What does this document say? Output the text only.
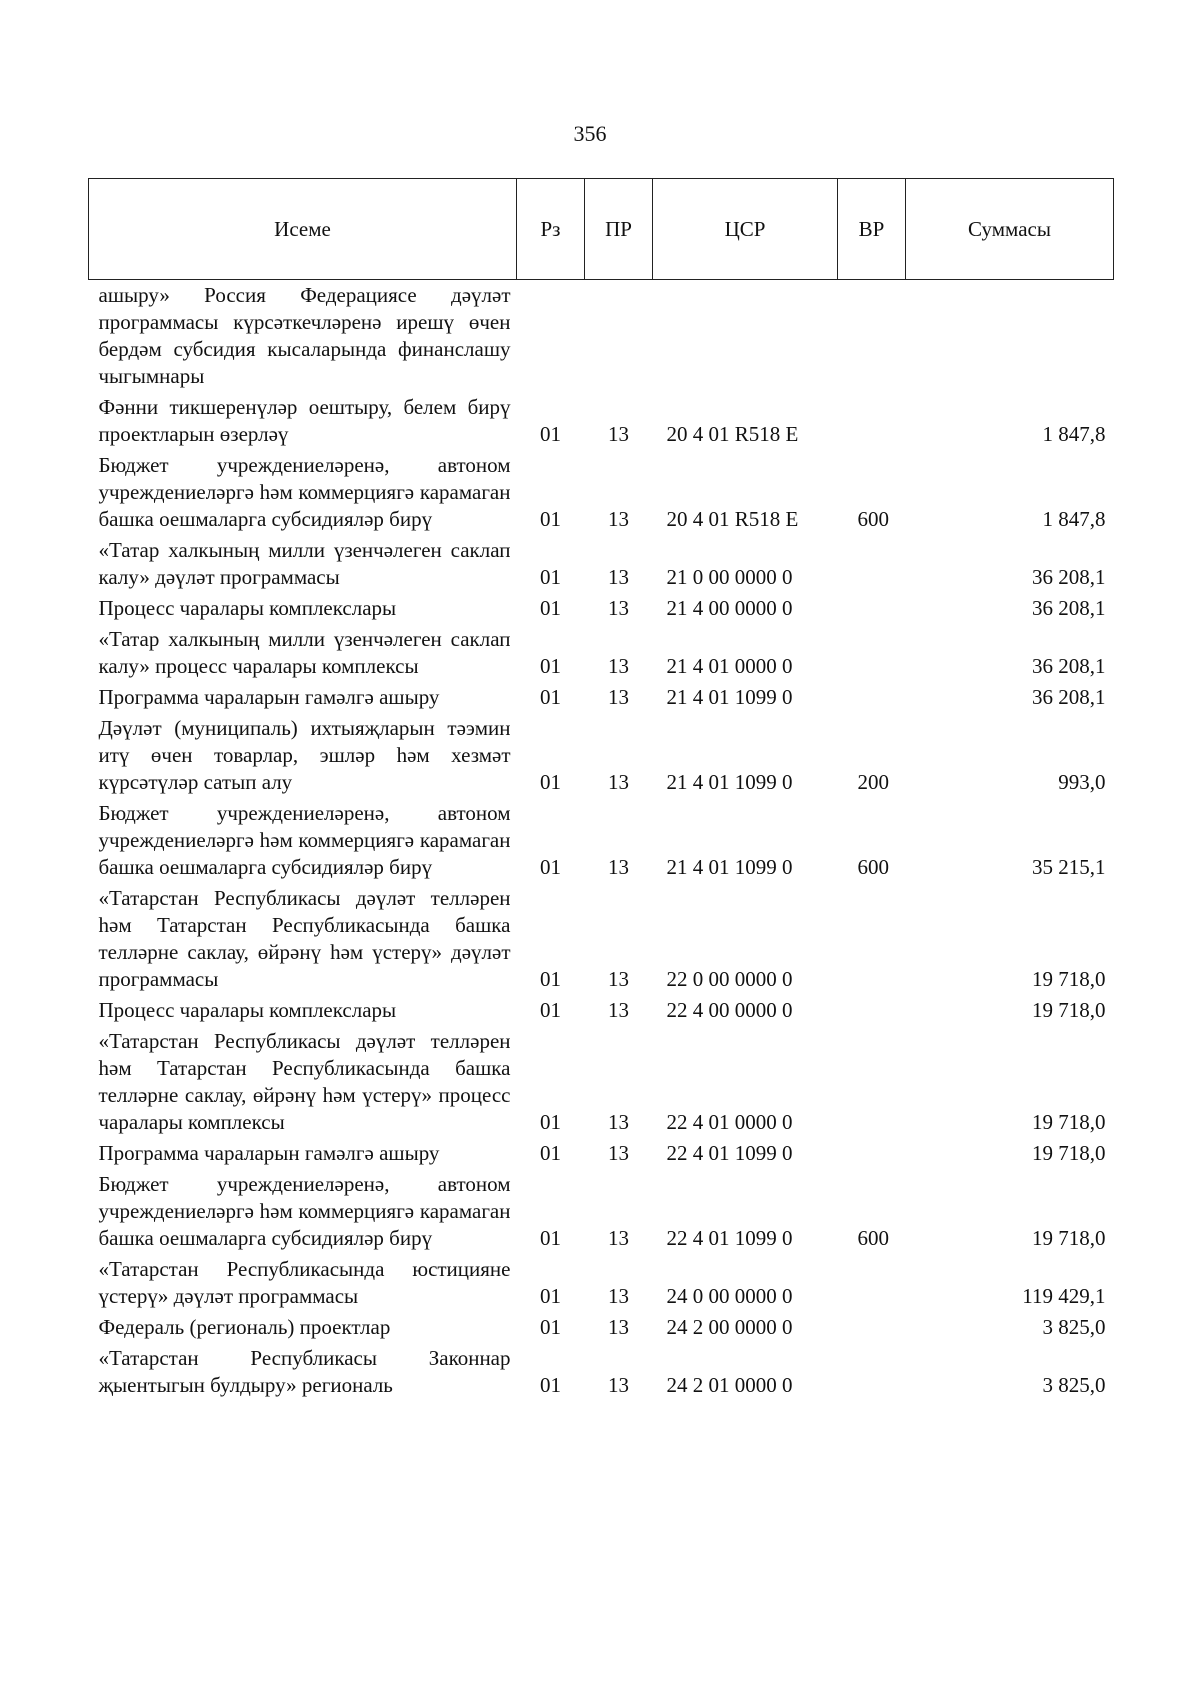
356
Исеме	Рз	ПР	ЦСР	ВР	Суммасы
ашыру» Россия Федерациясе дәүләт программасы күрсәткечләренә ирешү өчен бердәм субсидия кысаларында финанслашу чыгымнары					
Фәнни тикшеренүләр оештыру, белем бирү проектларын өзерләү	01	13	20 4 01 R518 E		1 847,8
Бюджет учреждениеләренә, автоном учреждениеләргә һәм коммерциягә карамаган башка оешмаларга субсидияләр бирү	01	13	20 4 01 R518 E	600	1 847,8
«Татар халкының милли үзенчәлеген саклап калу» дәүләт программасы	01	13	21 0 00 0000 0		36 208,1
Процесс чаралары комплекслары	01	13	21 4 00 0000 0		36 208,1
«Татар халкының милли үзенчәлеген саклап калу» процесс чаралары комплексы	01	13	21 4 01 0000 0		36 208,1
Программа чараларын гамәлгә ашыру	01	13	21 4 01 1099 0		36 208,1
Дәүләт (муниципаль) ихтыяҗларын тәэмин итү өчен товарлар, эшләр һәм хезмәт күрсәтүләр сатып алу	01	13	21 4 01 1099 0	200	993,0
Бюджет учреждениеләренә, автоном учреждениеләргә һәм коммерциягә карамаган башка оешмаларга субсидияләр бирү	01	13	21 4 01 1099 0	600	35 215,1
«Татарстан Республикасы дәүләт телләрен һәм Татарстан Республикасында башка телләрне саклау, өйрәнү һәм үстерү» дәүләт программасы	01	13	22 0 00 0000 0		19 718,0
Процесс чаралары комплекслары	01	13	22 4 00 0000 0		19 718,0
«Татарстан Республикасы дәүләт телләрен һәм Татарстан Республикасында башка телләрне саклау, өйрәнү һәм үстерү» процесс чаралары комплексы	01	13	22 4 01 0000 0		19 718,0
Программа чараларын гамәлгә ашыру	01	13	22 4 01 1099 0		19 718,0
Бюджет учреждениеләренә, автоном учреждениеләргә һәм коммерциягә карамаган башка оешмаларга субсидияләр бирү	01	13	22 4 01 1099 0	600	19 718,0
«Татарстан Республикасында юстицияне үстерү» дәүләт программасы	01	13	24 0 00 0000 0		119 429,1
Федераль (региональ) проектлар	01	13	24 2 00 0000 0		3 825,0
«Татарстан Республикасы Законнар җыентыгын булдыру» региональ	01	13	24 2 01 0000 0		3 825,0
